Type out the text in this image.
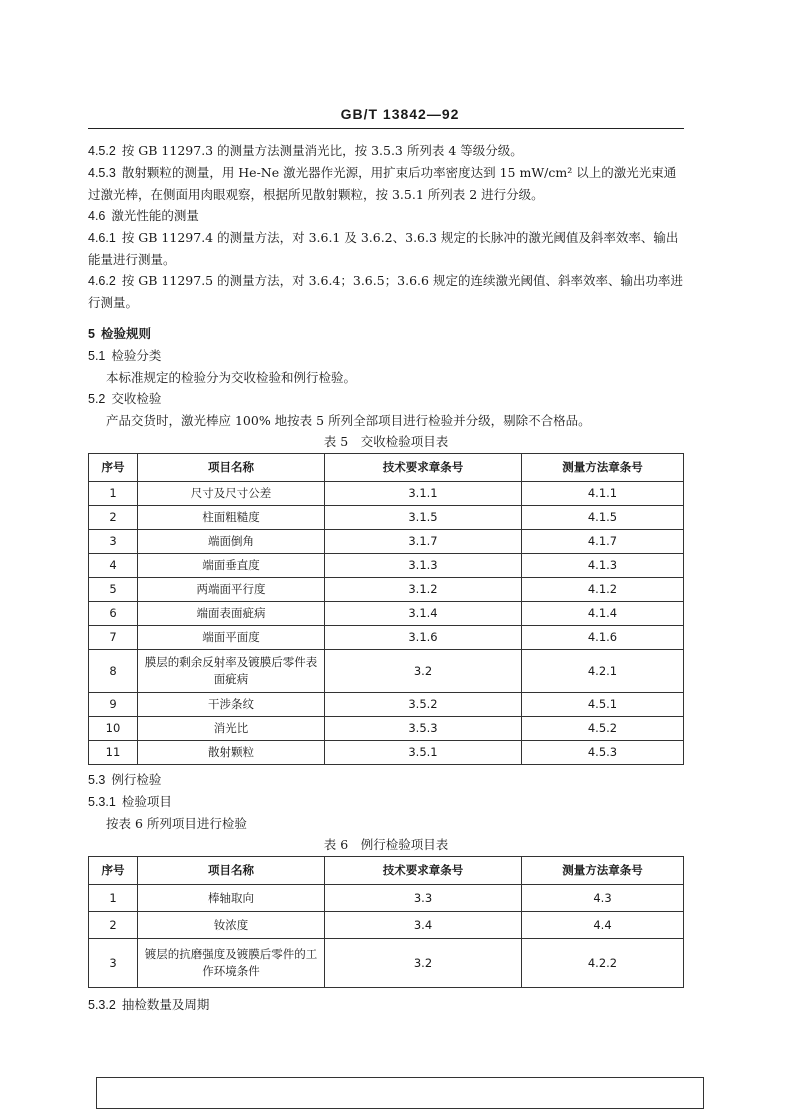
GB/T 13842—92

4.5.2 按 GB 11297.3 的测量方法测量消光比，按 3.5.3 所列表 4 等级分级。

4.5.3 散射颗粒的测量，用 He-Ne 激光器作光源，用扩束后功率密度达到 15 mW/cm² 以上的激光光束通过激光棒，在侧面用肉眼观察，根据所见散射颗粒，按 3.5.1 所列表 2 进行分级。

4.6 激光性能的测量

4.6.1 按 GB 11297.4 的测量方法，对 3.6.1 及 3.6.2、3.6.3 规定的长脉冲的激光阈值及斜率效率、输出能量进行测量。

4.6.2 按 GB 11297.5 的测量方法，对 3.6.4；3.6.5；3.6.6 规定的连续激光阈值、斜率效率、输出功率进行测量。

5 检验规则

5.1 检验分类

本标准规定的检验分为交收检验和例行检验。

5.2 交收检验

产品交货时，激光棒应 100% 地按表 5 所列全部项目进行检验并分级，剔除不合格品。

表 5　交收检验项目表

序号	项目名称	技术要求章条号	测量方法章条号
1	尺寸及尺寸公差	3.1.1	4.1.1
2	柱面粗糙度	3.1.5	4.1.5
3	端面倒角	3.1.7	4.1.7
4	端面垂直度	3.1.3	4.1.3
5	两端面平行度	3.1.2	4.1.2
6	端面表面疵病	3.1.4	4.1.4
7	端面平面度	3.1.6	4.1.6
8	膜层的剩余反射率及镀膜后零件表面疵病	3.2	4.2.1
9	干涉条纹	3.5.2	4.5.1
10	消光比	3.5.3	4.5.2
11	散射颗粒	3.5.1	4.5.3

5.3 例行检验

5.3.1 检验项目

按表 6 所列项目进行检验

表 6　例行检验项目表

序号	项目名称	技术要求章条号	测量方法章条号
1	棒轴取向	3.3	4.3
2	钕浓度	3.4	4.4
3	镀层的抗磨强度及镀膜后零件的工作环境条件	3.2	4.2.2

5.3.2 抽检数量及周期
